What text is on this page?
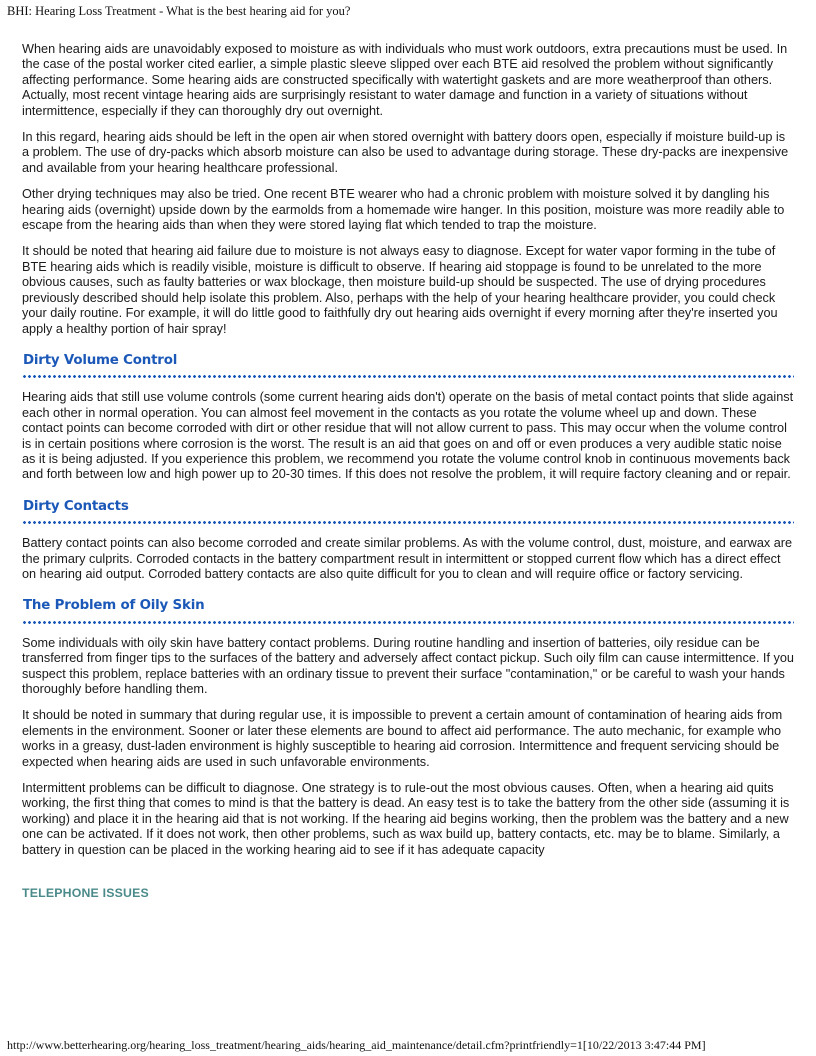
BHI: Hearing Loss Treatment - What is the best hearing aid for you?

When hearing aids are unavoidably exposed to moisture as with individuals who must work outdoors, extra precautions must be used. In the case of the postal worker cited earlier, a simple plastic sleeve slipped over each BTE aid resolved the problem without significantly affecting performance. Some hearing aids are constructed specifically with watertight gaskets and are more weatherproof than others. Actually, most recent vintage hearing aids are surprisingly resistant to water damage and function in a variety of situations without intermittence, especially if they can thoroughly dry out overnight.

In this regard, hearing aids should be left in the open air when stored overnight with battery doors open, especially if moisture build-up is a problem. The use of dry-packs which absorb moisture can also be used to advantage during storage. These dry-packs are inexpensive and available from your hearing healthcare professional.

Other drying techniques may also be tried. One recent BTE wearer who had a chronic problem with moisture solved it by dangling his hearing aids (overnight) upside down by the earmolds from a homemade wire hanger. In this position, moisture was more readily able to escape from the hearing aids than when they were stored laying flat which tended to trap the moisture.

It should be noted that hearing aid failure due to moisture is not always easy to diagnose. Except for water vapor forming in the tube of BTE hearing aids which is readily visible, moisture is difficult to observe. If hearing aid stoppage is found to be unrelated to the more obvious causes, such as faulty batteries or wax blockage, then moisture build-up should be suspected. The use of drying procedures previously described should help isolate this problem. Also, perhaps with the help of your hearing healthcare provider, you could check your daily routine. For example, it will do little good to faithfully dry out hearing aids overnight if every morning after they're inserted you apply a healthy portion of hair spray!

Dirty Volume Control

Hearing aids that still use volume controls (some current hearing aids don't) operate on the basis of metal contact points that slide against each other in normal operation. You can almost feel movement in the contacts as you rotate the volume wheel up and down. These contact points can become corroded with dirt or other residue that will not allow current to pass. This may occur when the volume control is in certain positions where corrosion is the worst. The result is an aid that goes on and off or even produces a very audible static noise as it is being adjusted. If you experience this problem, we recommend you rotate the volume control knob in continuous movements back and forth between low and high power up to 20-30 times. If this does not resolve the problem, it will require factory cleaning and or repair.

Dirty Contacts

Battery contact points can also become corroded and create similar problems. As with the volume control, dust, moisture, and earwax are the primary culprits. Corroded contacts in the battery compartment result in intermittent or stopped current flow which has a direct effect on hearing aid output. Corroded battery contacts are also quite difficult for you to clean and will require office or factory servicing.

The Problem of Oily Skin

Some individuals with oily skin have battery contact problems. During routine handling and insertion of batteries, oily residue can be transferred from finger tips to the surfaces of the battery and adversely affect contact pickup. Such oily film can cause intermittence. If you suspect this problem, replace batteries with an ordinary tissue to prevent their surface "contamination," or be careful to wash your hands thoroughly before handling them.

It should be noted in summary that during regular use, it is impossible to prevent a certain amount of contamination of hearing aids from elements in the environment. Sooner or later these elements are bound to affect aid performance. The auto mechanic, for example who works in a greasy, dust-laden environment is highly susceptible to hearing aid corrosion. Intermittence and frequent servicing should be expected when hearing aids are used in such unfavorable environments.

Intermittent problems can be difficult to diagnose. One strategy is to rule-out the most obvious causes. Often, when a hearing aid quits working, the first thing that comes to mind is that the battery is dead. An easy test is to take the battery from the other side (assuming it is working) and place it in the hearing aid that is not working. If the hearing aid begins working, then the problem was the battery and a new one can be activated. If it does not work, then other problems, such as wax build up, battery contacts, etc. may be to blame. Similarly, a battery in question can be placed in the working hearing aid to see if it has adequate capacity

TELEPHONE ISSUES
http://www.betterhearing.org/hearing_loss_treatment/hearing_aids/hearing_aid_maintenance/detail.cfm?printfriendly=1[10/22/2013 3:47:44 PM]
